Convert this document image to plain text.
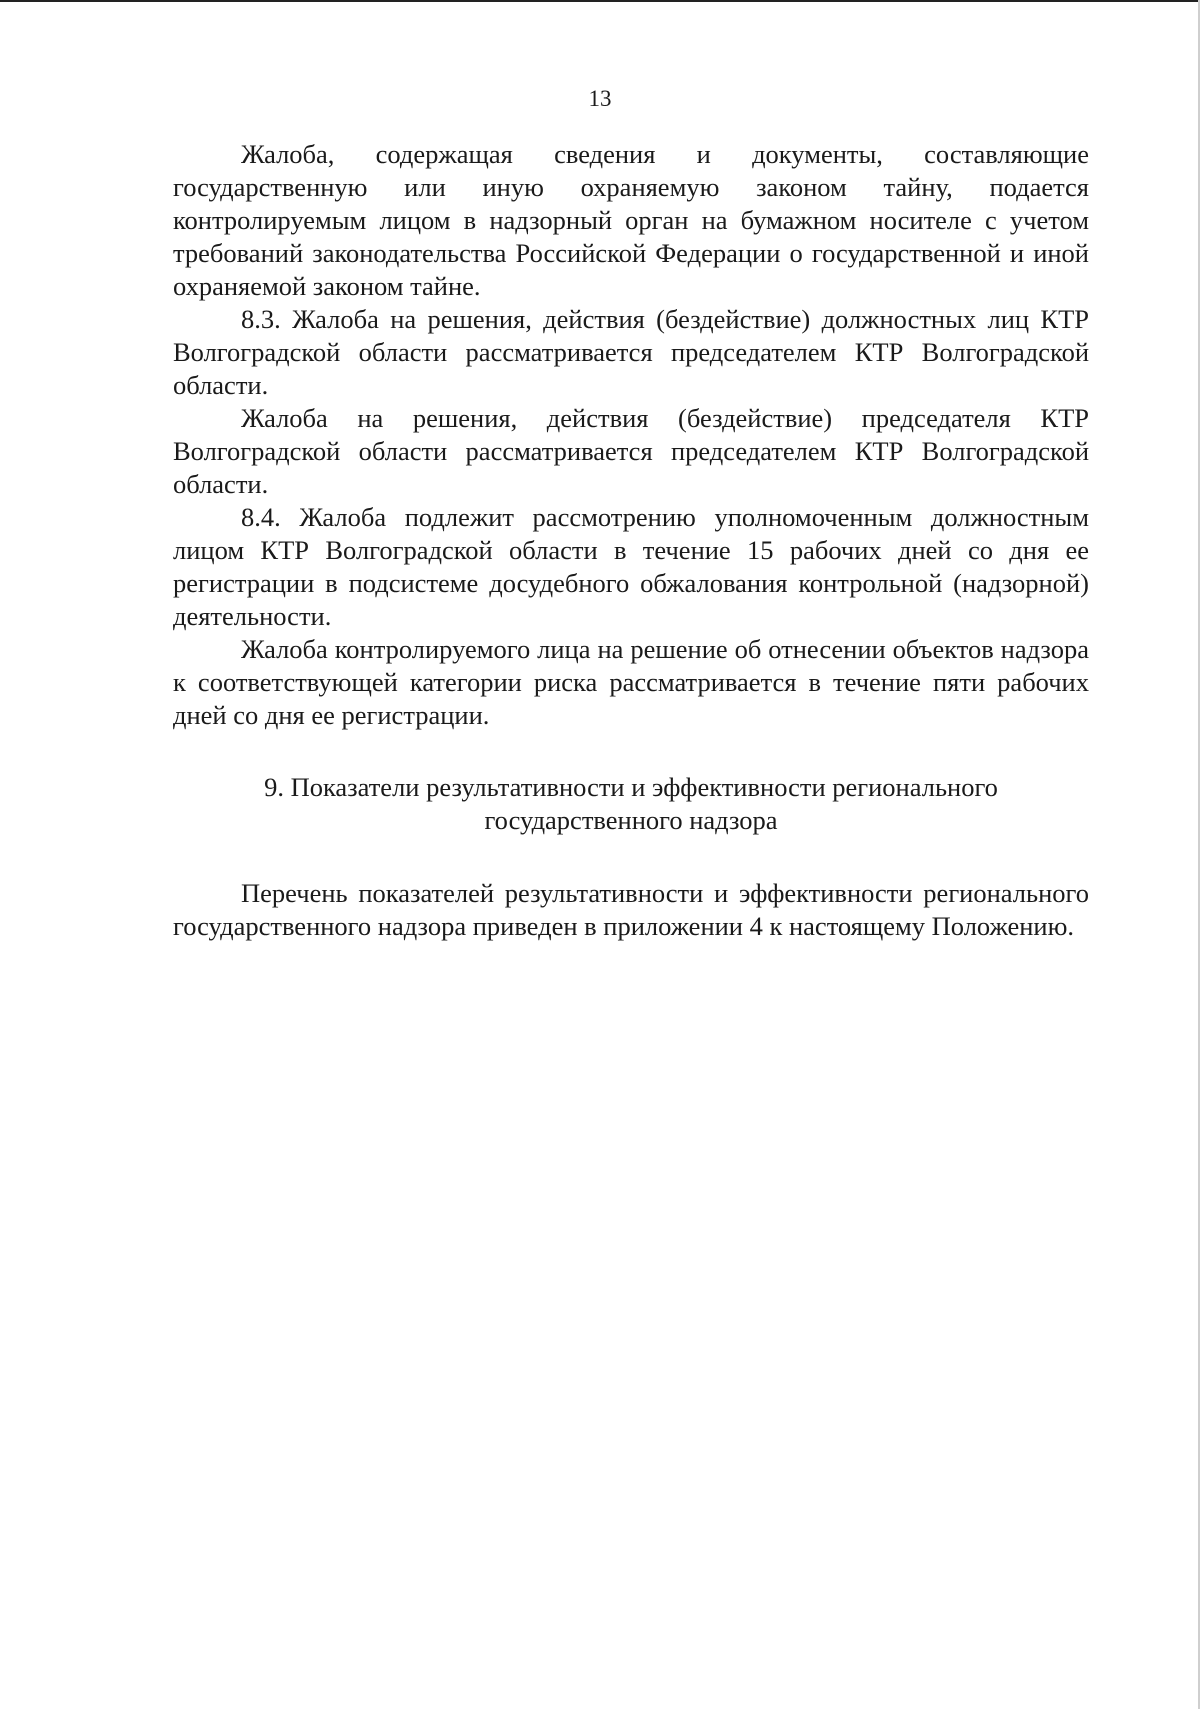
13

Жалоба, содержащая сведения и документы, составляющие государственную или иную охраняемую законом тайну, подается контролируемым лицом в надзорный орган на бумажном носителе с учетом требований законодательства Российской Федерации о государственной и иной охраняемой законом тайне.

8.3. Жалоба на решения, действия (бездействие) должностных лиц КТР Волгоградской области рассматривается председателем КТР Волгоградской области.

Жалоба на решения, действия (бездействие) председателя КТР Волгоградской области рассматривается председателем КТР Волгоградской области.

8.4. Жалоба подлежит рассмотрению уполномоченным должностным лицом КТР Волгоградской области в течение 15 рабочих дней со дня ее регистрации в подсистеме досудебного обжалования контрольной (надзорной) деятельности.

Жалоба контролируемого лица на решение об отнесении объектов надзора к соответствующей категории риска рассматривается в течение пяти рабочих дней со дня ее регистрации.

9. Показатели результативности и эффективности регионального
государственного надзора

Перечень показателей результативности и эффективности регионального государственного надзора приведен в приложении 4 к настоящему Положению.
